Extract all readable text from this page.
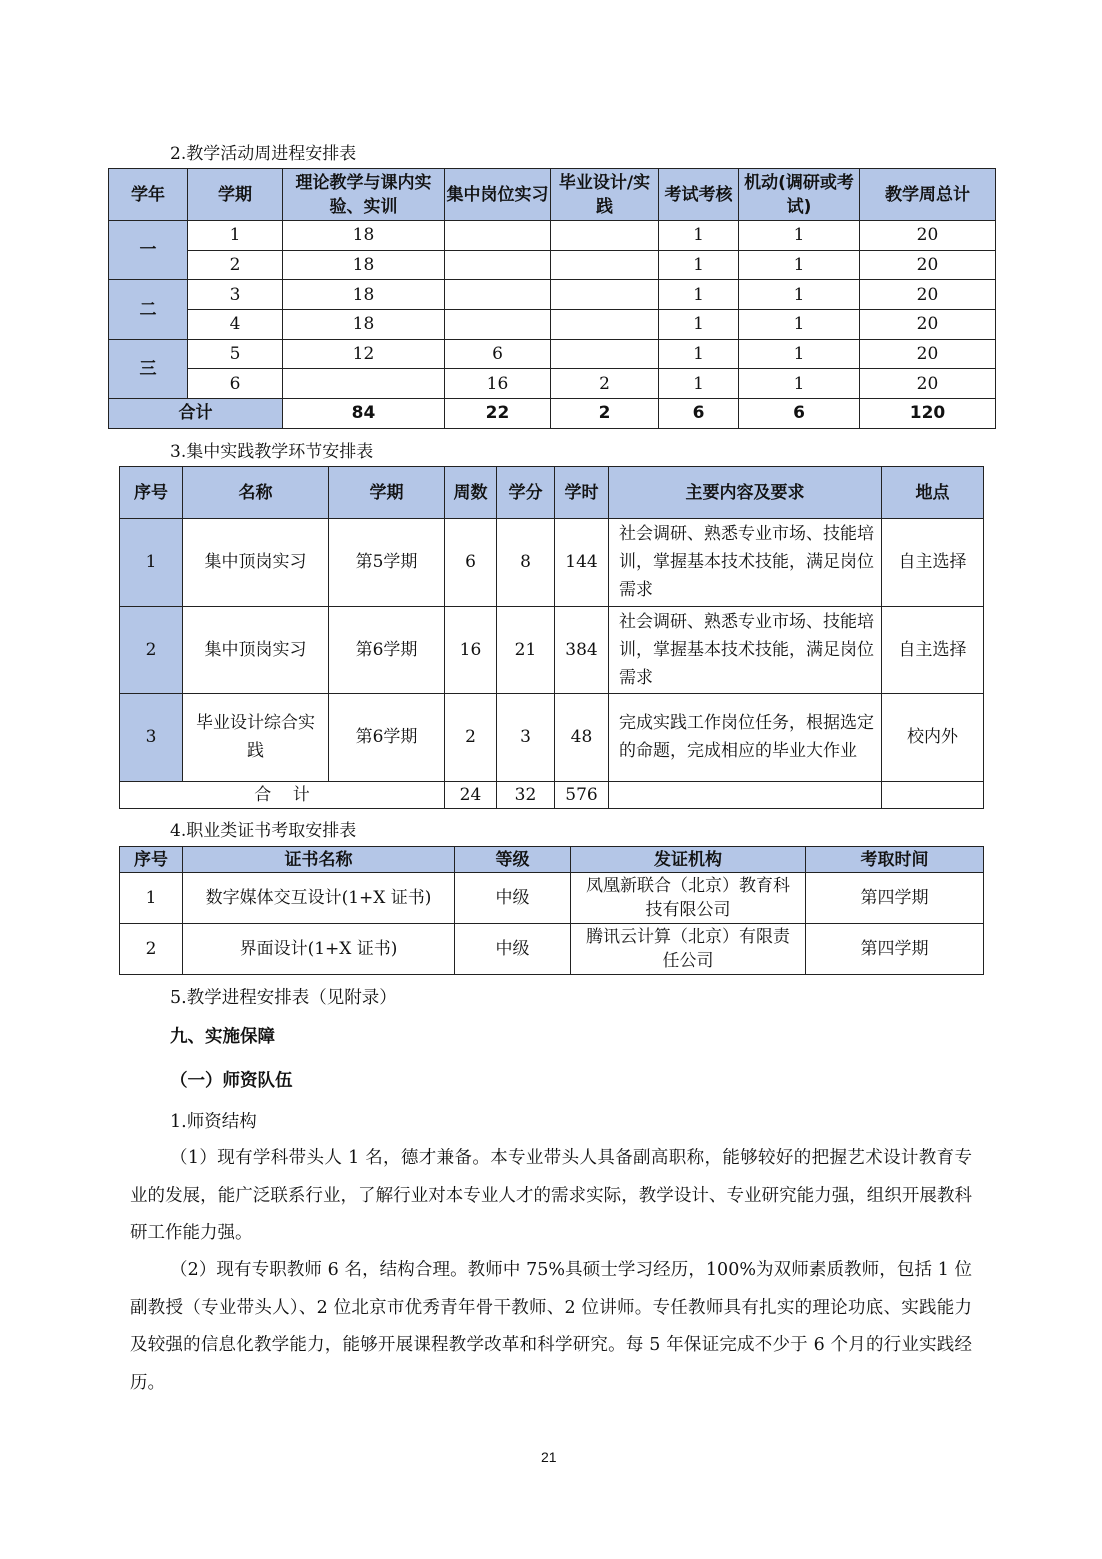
2.教学活动周进程安排表
学年	学期	理论教学与课内实验、实训	集中岗位实习	毕业设计/实践	考试考核	机动(调研或考试)	教学周总计
一	1	18			1	1	20
	2	18			1	1	20
二	3	18			1	1	20
	4	18			1	1	20
三	5	12	6		1	1	20
	6		16	2	1	1	20
合计		84	22	2	6	6	120
3.集中实践教学环节安排表
序号	名称	学期	周数	学分	学时	主要内容及要求	地点
1	集中顶岗实习	第5学期	6	8	144	社会调研、熟悉专业市场、技能培训，掌握基本技术技能，满足岗位需求	自主选择
2	集中顶岗实习	第6学期	16	21	384	社会调研、熟悉专业市场、技能培训，掌握基本技术技能，满足岗位需求	自主选择
3	毕业设计综合实践	第6学期	2	3	48	完成实践工作岗位任务，根据选定的命题，完成相应的毕业大作业	校内外
合    计			24	32	576		
4.职业类证书考取安排表
序号	证书名称	等级	发证机构	考取时间
1	数字媒体交互设计(1+X 证书)	中级	凤凰新联合（北京）教育科技有限公司	第四学期
2	界面设计(1+X 证书)	中级	腾讯云计算（北京）有限责任公司	第四学期
5.教学进程安排表（见附录）
九、实施保障
（一）师资队伍
1.师资结构
（1）现有学科带头人 1 名，德才兼备。本专业带头人具备副高职称，能够较好的把握艺术设计教育专业的发展，能广泛联系行业，了解行业对本专业人才的需求实际，教学设计、专业研究能力强，组织开展教科研工作能力强。
（2）现有专职教师 6 名，结构合理。教师中 75%具硕士学习经历，100%为双师素质教师，包括 1 位副教授（专业带头人）、2 位北京市优秀青年骨干教师、2 位讲师。专任教师具有扎实的理论功底、实践能力及较强的信息化教学能力，能够开展课程教学改革和科学研究。每 5 年保证完成不少于 6 个月的行业实践经历。
21
